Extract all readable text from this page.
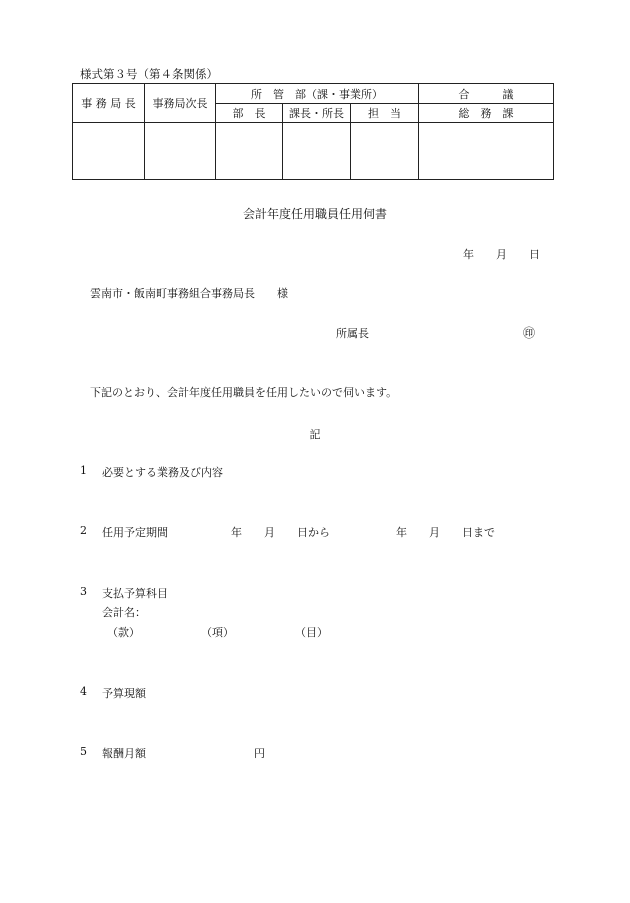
様式第３号（第４条関係）
事 務 局 長	事務局次長	所　管　部（課・事業所）			合　　　議
		部　長	課長・所長	担　当	総　務　課

会計年度任用職員任用伺書
年　　月　　日
雲南市・飯南町事務組合事務局長　　様
所属長	㊞
下記のとおり、会計年度任用職員を任用したいので伺います。
記
1 必要とする業務及び内容
2 任用予定期間	年　　月　　日から	年　　月　　日まで
3 支払予算科目
会計名：
（款）	（項）	（目）
4 予算現額
5 報酬月額	円
